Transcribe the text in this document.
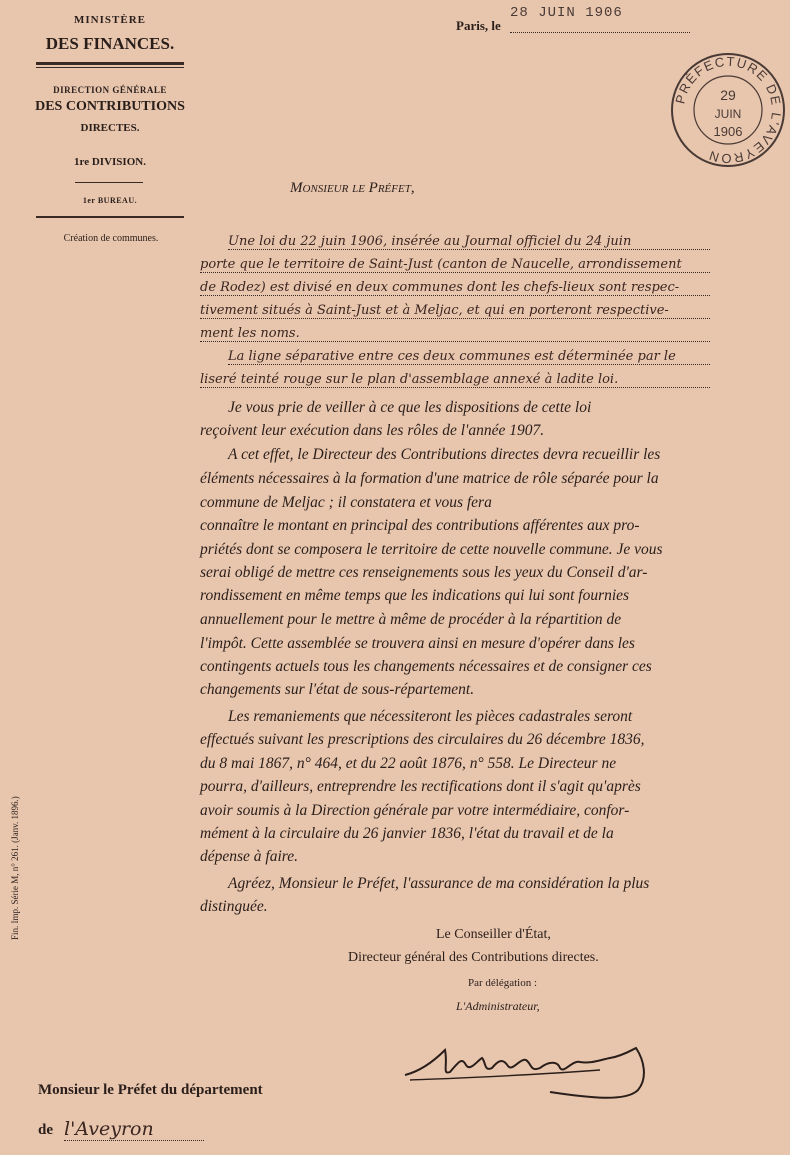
MINISTÈRE
DES FINANCES.
DIRECTION GÉNÉRALE
DES CONTRIBUTIONS
DIRECTES.
1re DIVISION.
1er BUREAU.
Création de communes.
Paris, le
28 JUIN 1906
PRÉFECTURE DE L'AVEYRON
29
JUIN
1906
Monsieur le Préfet,
Une loi du 22 juin 1906, insérée au Journal officiel du 24 juin
porte que le territoire de Saint-Just (canton de Naucelle, arrondissement
de Rodez) est divisé en deux communes dont les chefs-lieux sont respec-
tivement situés à Saint-Just et à Meljac, et qui en porteront respective-
ment les noms.
La ligne séparative entre ces deux communes est déterminée par le
liseré teinté rouge sur le plan d'assemblage annexé à ladite loi.
Je vous prie de veiller à ce que les dispositions de cette loi
reçoivent leur exécution dans les rôles de l'année 1907.
A cet effet, le Directeur des Contributions directes devra recueillir les
éléments nécessaires à la formation d'une matrice de rôle séparée pour la
commune de Meljac ; il constatera et vous fera
connaître le montant en principal des contributions afférentes aux pro-
priétés dont se composera le territoire de cette nouvelle commune. Je vous
serai obligé de mettre ces renseignements sous les yeux du Conseil d'ar-
rondissement en même temps que les indications qui lui sont fournies
annuellement pour le mettre à même de procéder à la répartition de
l'impôt. Cette assemblée se trouvera ainsi en mesure d'opérer dans les
contingents actuels tous les changements nécessaires et de consigner ces
changements sur l'état de sous-répartement.
Les remaniements que nécessiteront les pièces cadastrales seront
effectués suivant les prescriptions des circulaires du 26 décembre 1836,
du 8 mai 1867, n° 464, et du 22 août 1876, n° 558. Le Directeur ne
pourra, d'ailleurs, entreprendre les rectifications dont il s'agit qu'après
avoir soumis à la Direction générale par votre intermédiaire, confor-
mément à la circulaire du 26 janvier 1836, l'état du travail et de la
dépense à faire.
Agréez, Monsieur le Préfet, l'assurance de ma considération la plus
distinguée.
Le Conseiller d'État,
Directeur général des Contributions directes.
Par délégation :
L'Administrateur,
Monsieur le Préfet du département
de l'Aveyron
Fin. Imp. Série M, n° 261. (Janv. 1896.)
